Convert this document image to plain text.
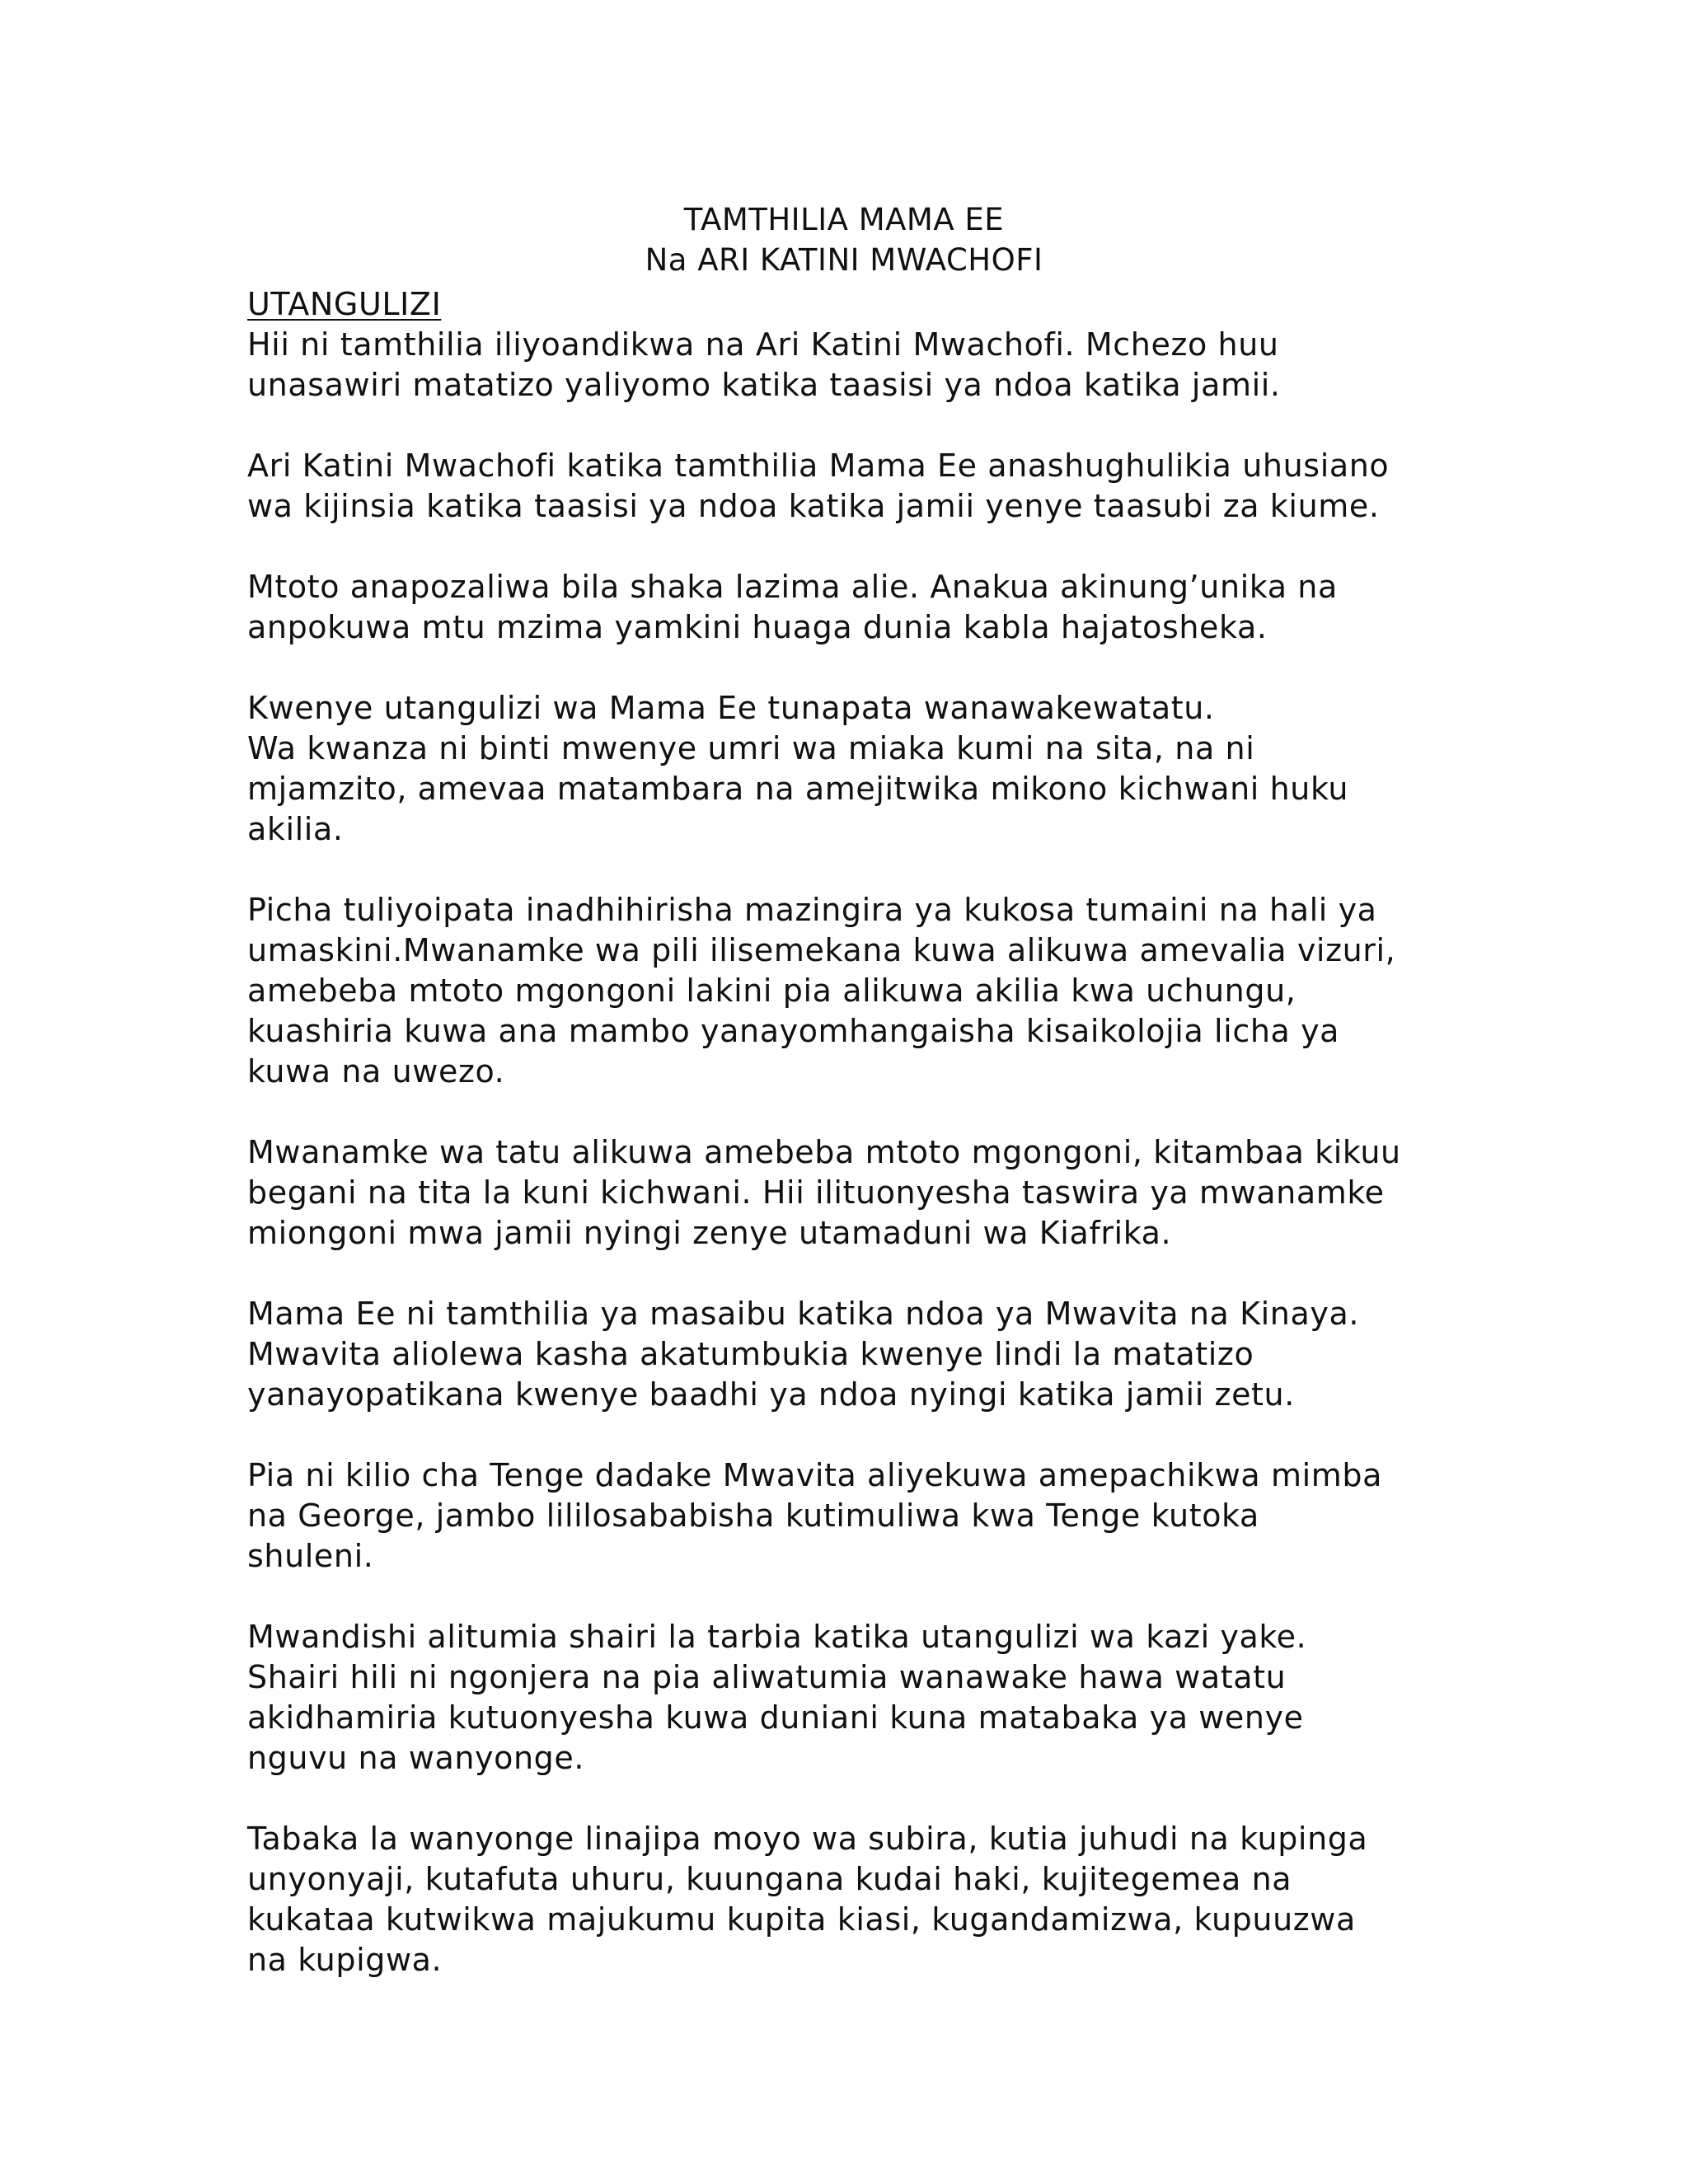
TAMTHILIA MAMA EE
Na ARI KATINI MWACHOFI
UTANGULIZI
Hii ni tamthilia iliyoandikwa na Ari Katini Mwachofi. Mchezo huu
unasawiri matatizo yaliyomo katika taasisi ya ndoa katika jamii.
Ari Katini Mwachofi katika tamthilia Mama Ee anashughulikia uhusiano
wa kijinsia katika taasisi ya ndoa katika jamii yenye taasubi za kiume.
Mtoto anapozaliwa bila shaka lazima alie. Anakua akinung’unika na
anpokuwa mtu mzima yamkini huaga dunia kabla hajatosheka.
Kwenye utangulizi wa Mama Ee tunapata wanawakewatatu.
Wa kwanza ni binti mwenye umri wa miaka kumi na sita, na ni
mjamzito, amevaa matambara na amejitwika mikono kichwani huku
akilia.
Picha tuliyoipata inadhihirisha mazingira ya kukosa tumaini na hali ya
umaskini.Mwanamke wa pili ilisemekana kuwa alikuwa amevalia vizuri,
amebeba mtoto mgongoni lakini pia alikuwa akilia kwa uchungu,
kuashiria kuwa ana mambo yanayomhangaisha kisaikolojia licha ya
kuwa na uwezo.
Mwanamke wa tatu alikuwa amebeba mtoto mgongoni, kitambaa kikuu
begani na tita la kuni kichwani. Hii ilituonyesha taswira ya mwanamke
miongoni mwa jamii nyingi zenye utamaduni wa Kiafrika.
Mama Ee ni tamthilia ya masaibu katika ndoa ya Mwavita na Kinaya.
Mwavita aliolewa kasha akatumbukia kwenye lindi la matatizo
yanayopatikana kwenye baadhi ya ndoa nyingi katika jamii zetu.
Pia ni kilio cha Tenge dadake Mwavita aliyekuwa amepachikwa mimba
na George, jambo lililosababisha kutimuliwa kwa Tenge kutoka
shuleni.
Mwandishi alitumia shairi la tarbia katika utangulizi wa kazi yake.
Shairi hili ni ngonjera na pia aliwatumia wanawake hawa watatu
akidhamiria kutuonyesha kuwa duniani kuna matabaka ya wenye
nguvu na wanyonge.
Tabaka la wanyonge linajipa moyo wa subira, kutia juhudi na kupinga
unyonyaji, kutafuta uhuru, kuungana kudai haki, kujitegemea na
kukataa kutwikwa majukumu kupita kiasi, kugandamizwa, kupuuzwa
na kupigwa.
